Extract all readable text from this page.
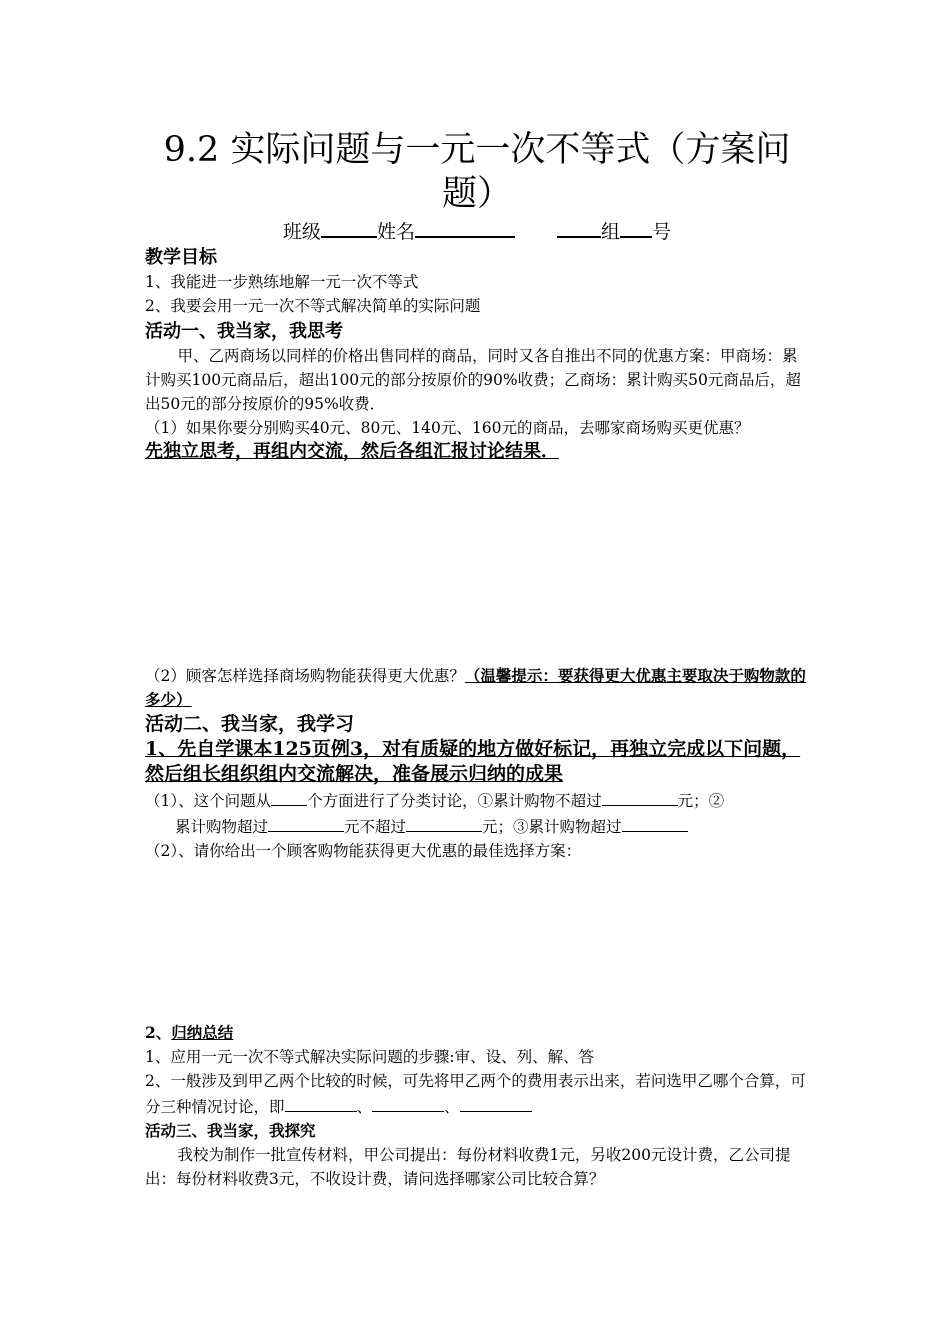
9.2 实际问题与一元一次不等式（方案问
题）
班级	姓名	组 号

教学目标

1、我能进一步熟练地解一元一次不等式

2、我要会用一元一次不等式解决简单的实际问题

活动一、我当家，我思考

甲、乙两商场以同样的价格出售同样的商品，同时又各自推出不同的优惠方案：甲商场：累计购买100元商品后，超出100元的部分按原价的90%收费；乙商场：累计购买50元商品后，超出50元的部分按原价的95%收费．

（1）如果你要分别购买40元、80元、140元、160元的商品，去哪家商场购买更优惠？

先独立思考，再组内交流，然后各组汇报讨论结果．

（2）顾客怎样选择商场购物能获得更大优惠？（温馨提示：要获得更大优惠主要取决于购物款的多少）

活动二、我当家，我学习

1、先自学课本125页例3，对有质疑的地方做好标记，再独立完成以下问题，然后组长组织组内交流解决，准备展示归纳的成果

（1）、这个问题从 个方面进行了分类讨论，①累计购物不超过	元；②
累计购物超过	元不超过	元；③累计购物超过

（2）、请你给出一个顾客购物能获得更大优惠的最佳选择方案：

2、归纳总结

1、应用一元一次不等式解决实际问题的步骤:审、设、列、解、答

2、一般涉及到甲乙两个比较的时候，可先将甲乙两个的费用表示出来，若问选甲乙哪个合算，可分三种情况讨论，即	、	、

活动三、我当家，我探究

我校为制作一批宣传材料，甲公司提出：每份材料收费1元，另收200元设计费，乙公司提出：每份材料收费3元，不收设计费，请问选择哪家公司比较合算？
